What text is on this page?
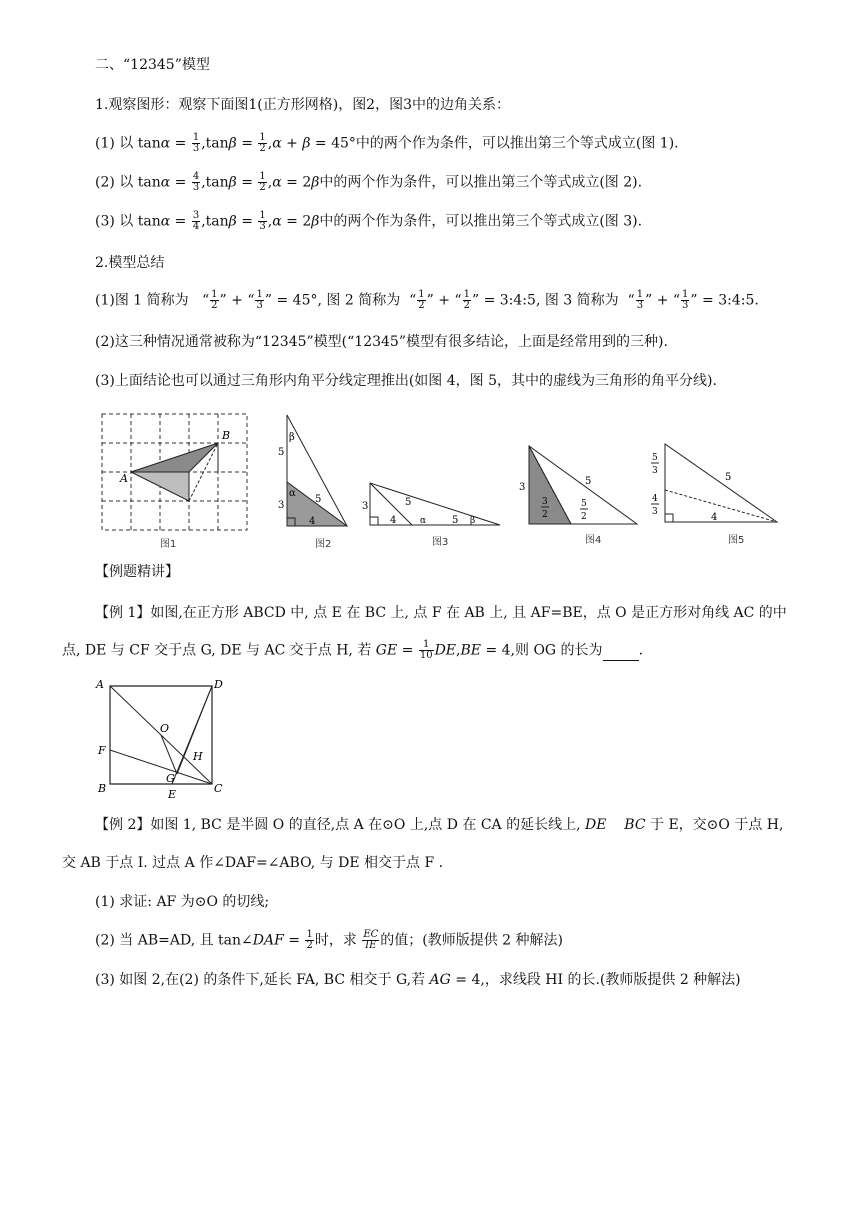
二、“12345”模型
1.观察图形：观察下面图1(正方形网格)，图2，图3中的边角关系：
(1) 以 $\tan\alpha = \frac{1}{3} ,\tan\beta = \frac{1}{2} ,\alpha + \beta = 45^\circ$中的两个作为条件，可以推出第三个等式成立(图 1).
(2) 以 $\tan\alpha = \frac{4}{3} ,\tan\beta = \frac{1}{2} ,\alpha = 2\beta$中的两个作为条件，可以推出第三个等式成立(图 2).
(3) 以 $\tan\alpha = \frac{3}{4} ,\tan\beta = \frac{1}{3} ,\alpha = 2\beta$中的两个作为条件，可以推出第三个等式成立(图 3).
2.模型总结
(1)图 1 简称为   “ $\frac{1}{2}$ ” + “ $\frac{1}{3}$ ” = 45°, 图 2 简称为  “ $\frac{1}{2}$ ” + “ $\frac{1}{2}$ ” = 3:4:5, 图 3 简称为  “ $\frac{1}{3}$ ” + “ $\frac{1}{3}$ ” = 3:4:5.
(2)这三种情况通常被称为“12345”模型(“12345”模型有很多结论，上面是经常用到的三种).
(3)上面结论也可以通过三角形内角平分线定理推出(如图 4，图 5，其中的虚线为三角形的角平分线).
B
A
图1
β
α
5
3
5
4
图2
3	5
4	α	5 β
图3
3
5
3
2
5
2
图4
5
3
4
3
5
4
图5
【例题精讲】
【例 1】如图,在正方形 ABCD 中, 点 E 在 BC 上, 点 F 在 AB 上, 且 AF=BE，点 O 是正方形对角线 AC 的中
点, DE 与 CF 交于点 G, DE 与 AC 交于点 H, 若 GE = $\frac{1}{10} DE,BE = 4$,则 OG 的长为	.
A	D
O
F	H
G
B	E	C
【例 2】如图 1, BC 是半圆 O 的直径,点 A 在⊙O 上,点 D 在 CA 的延长线上, DE BC 于 E，交⊙O 于点 H,
交 AB 于点 I. 过点 A 作∠DAF=∠ABO, 与 DE 相交于点 F .
(1) 求证: AF 为⊙O 的切线;
(2) 当 AB=AD, 且 tan∠DAF = $\frac{1}{2}$ 时，求 $\frac{EC}{IE}$ 的值；(教师版提供 2 种解法)
(3) 如图 2,在(2) 的条件下,延长 FA, BC 相交于 G,若 AG = 4,，求线段 HI 的长.(教师版提供 2 种解法)
